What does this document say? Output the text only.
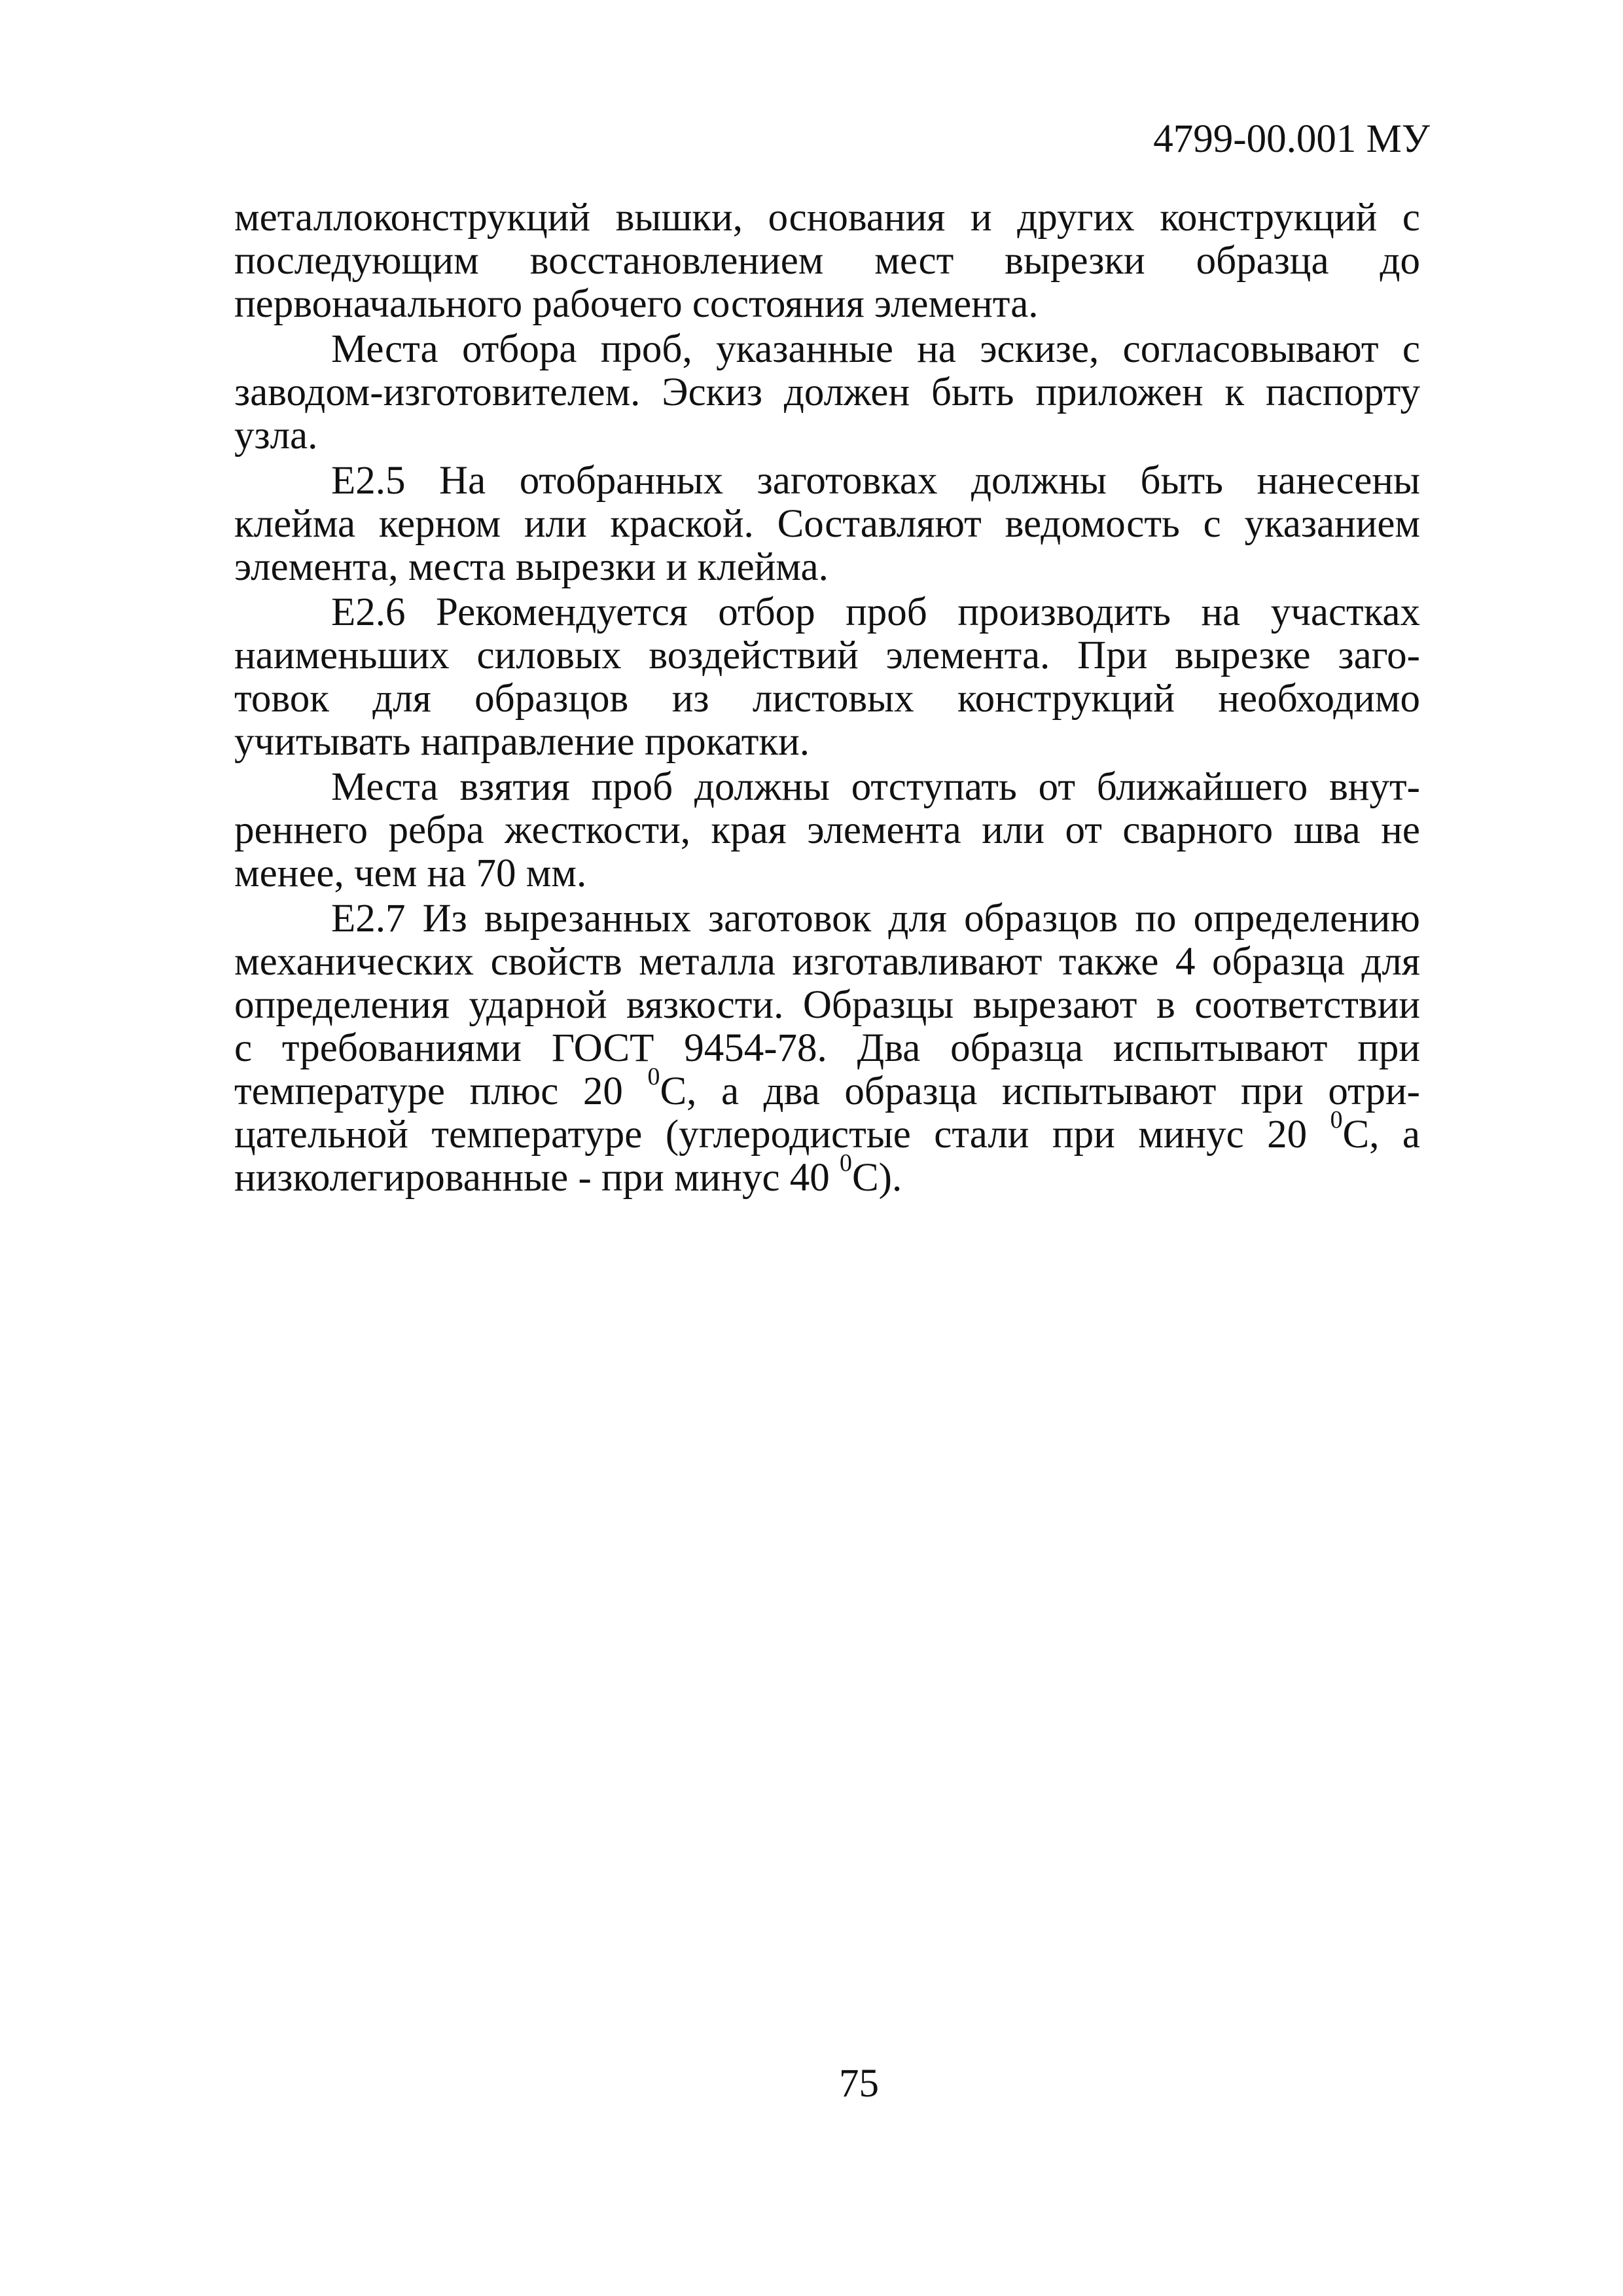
4799-00.001 МУ

металлоконструкций вышки, основания и других конструкций с
последующим восстановлением мест вырезки образца до
первоначального рабочего состояния элемента.

Места отбора проб, указанные на эскизе, согласовывают с
заводом-изготовителем. Эскиз должен быть приложен к паспорту
узла.

Е2.5 На отобранных заготовках должны быть нанесены
клейма керном или краской. Составляют ведомость с указанием
элемента, места вырезки и клейма.

Е2.6 Рекомендуется отбор проб производить на участках
наименьших силовых воздействий элемента. При вырезке заго-
товок для образцов из листовых конструкций необходимо
учитывать направление прокатки.

Места взятия проб должны отступать от ближайшего внут-
реннего ребра жесткости, края элемента или от сварного шва не
менее, чем на 70 мм.

Е2.7 Из вырезанных заготовок для образцов по определению
механических свойств металла изготавливают также 4 образца для
определения ударной вязкости. Образцы вырезают в соответствии
с требованиями ГОСТ 9454-78. Два образца испытывают при
температуре плюс 20 $^0$С, а два образца испытывают при отри-
цательной температуре (углеродистые стали при минус 20 $^0$С, а
низколегированные - при минус 40 $^0$С).

75
